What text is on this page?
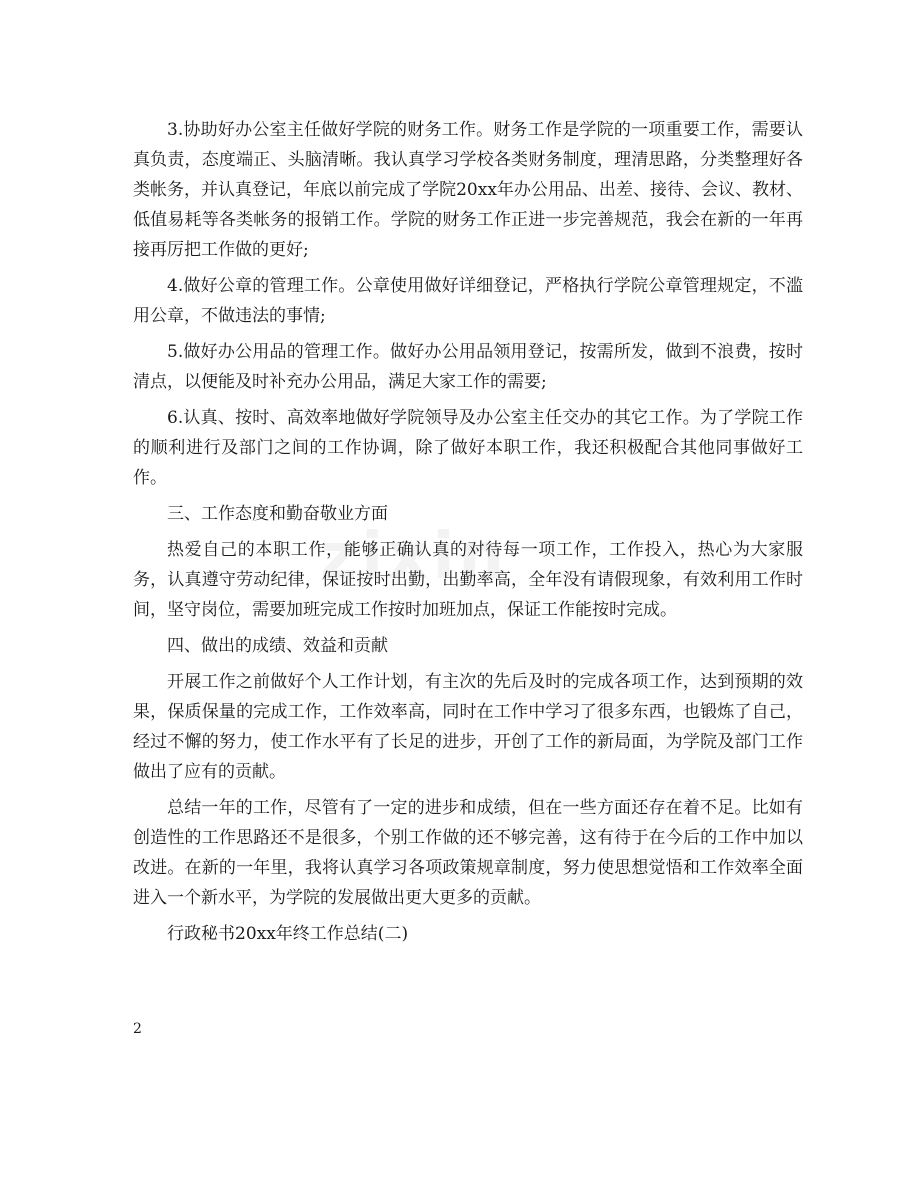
3.协助好办公室主任做好学院的财务工作。财务工作是学院的一项重要工作，需要认真负责，态度端正、头脑清晰。我认真学习学校各类财务制度，理清思路，分类整理好各类帐务，并认真登记，年底以前完成了学院20xx年办公用品、出差、接待、会议、教材、低值易耗等各类帐务的报销工作。学院的财务工作正进一步完善规范，我会在新的一年再接再厉把工作做的更好;

4.做好公章的管理工作。公章使用做好详细登记，严格执行学院公章管理规定，不滥用公章，不做违法的事情;

5.做好办公用品的管理工作。做好办公用品领用登记，按需所发，做到不浪费，按时清点，以便能及时补充办公用品，满足大家工作的需要;

6.认真、按时、高效率地做好学院领导及办公室主任交办的其它工作。为了学院工作的顺利进行及部门之间的工作协调，除了做好本职工作，我还积极配合其他同事做好工作。

三、工作态度和勤奋敬业方面

热爱自己的本职工作，能够正确认真的对待每一项工作，工作投入，热心为大家服务，认真遵守劳动纪律，保证按时出勤，出勤率高，全年没有请假现象，有效利用工作时间，坚守岗位，需要加班完成工作按时加班加点，保证工作能按时完成。

四、做出的成绩、效益和贡献

开展工作之前做好个人工作计划，有主次的先后及时的完成各项工作，达到预期的效果，保质保量的完成工作，工作效率高，同时在工作中学习了很多东西，也锻炼了自己，经过不懈的努力，使工作水平有了长足的进步，开创了工作的新局面，为学院及部门工作做出了应有的贡献。

总结一年的工作，尽管有了一定的进步和成绩，但在一些方面还存在着不足。比如有创造性的工作思路还不是很多，个别工作做的还不够完善，这有待于在今后的工作中加以改进。在新的一年里，我将认真学习各项政策规章制度，努力使思想觉悟和工作效率全面进入一个新水平，为学院的发展做出更大更多的贡献。

行政秘书20xx年终工作总结(二)

2
